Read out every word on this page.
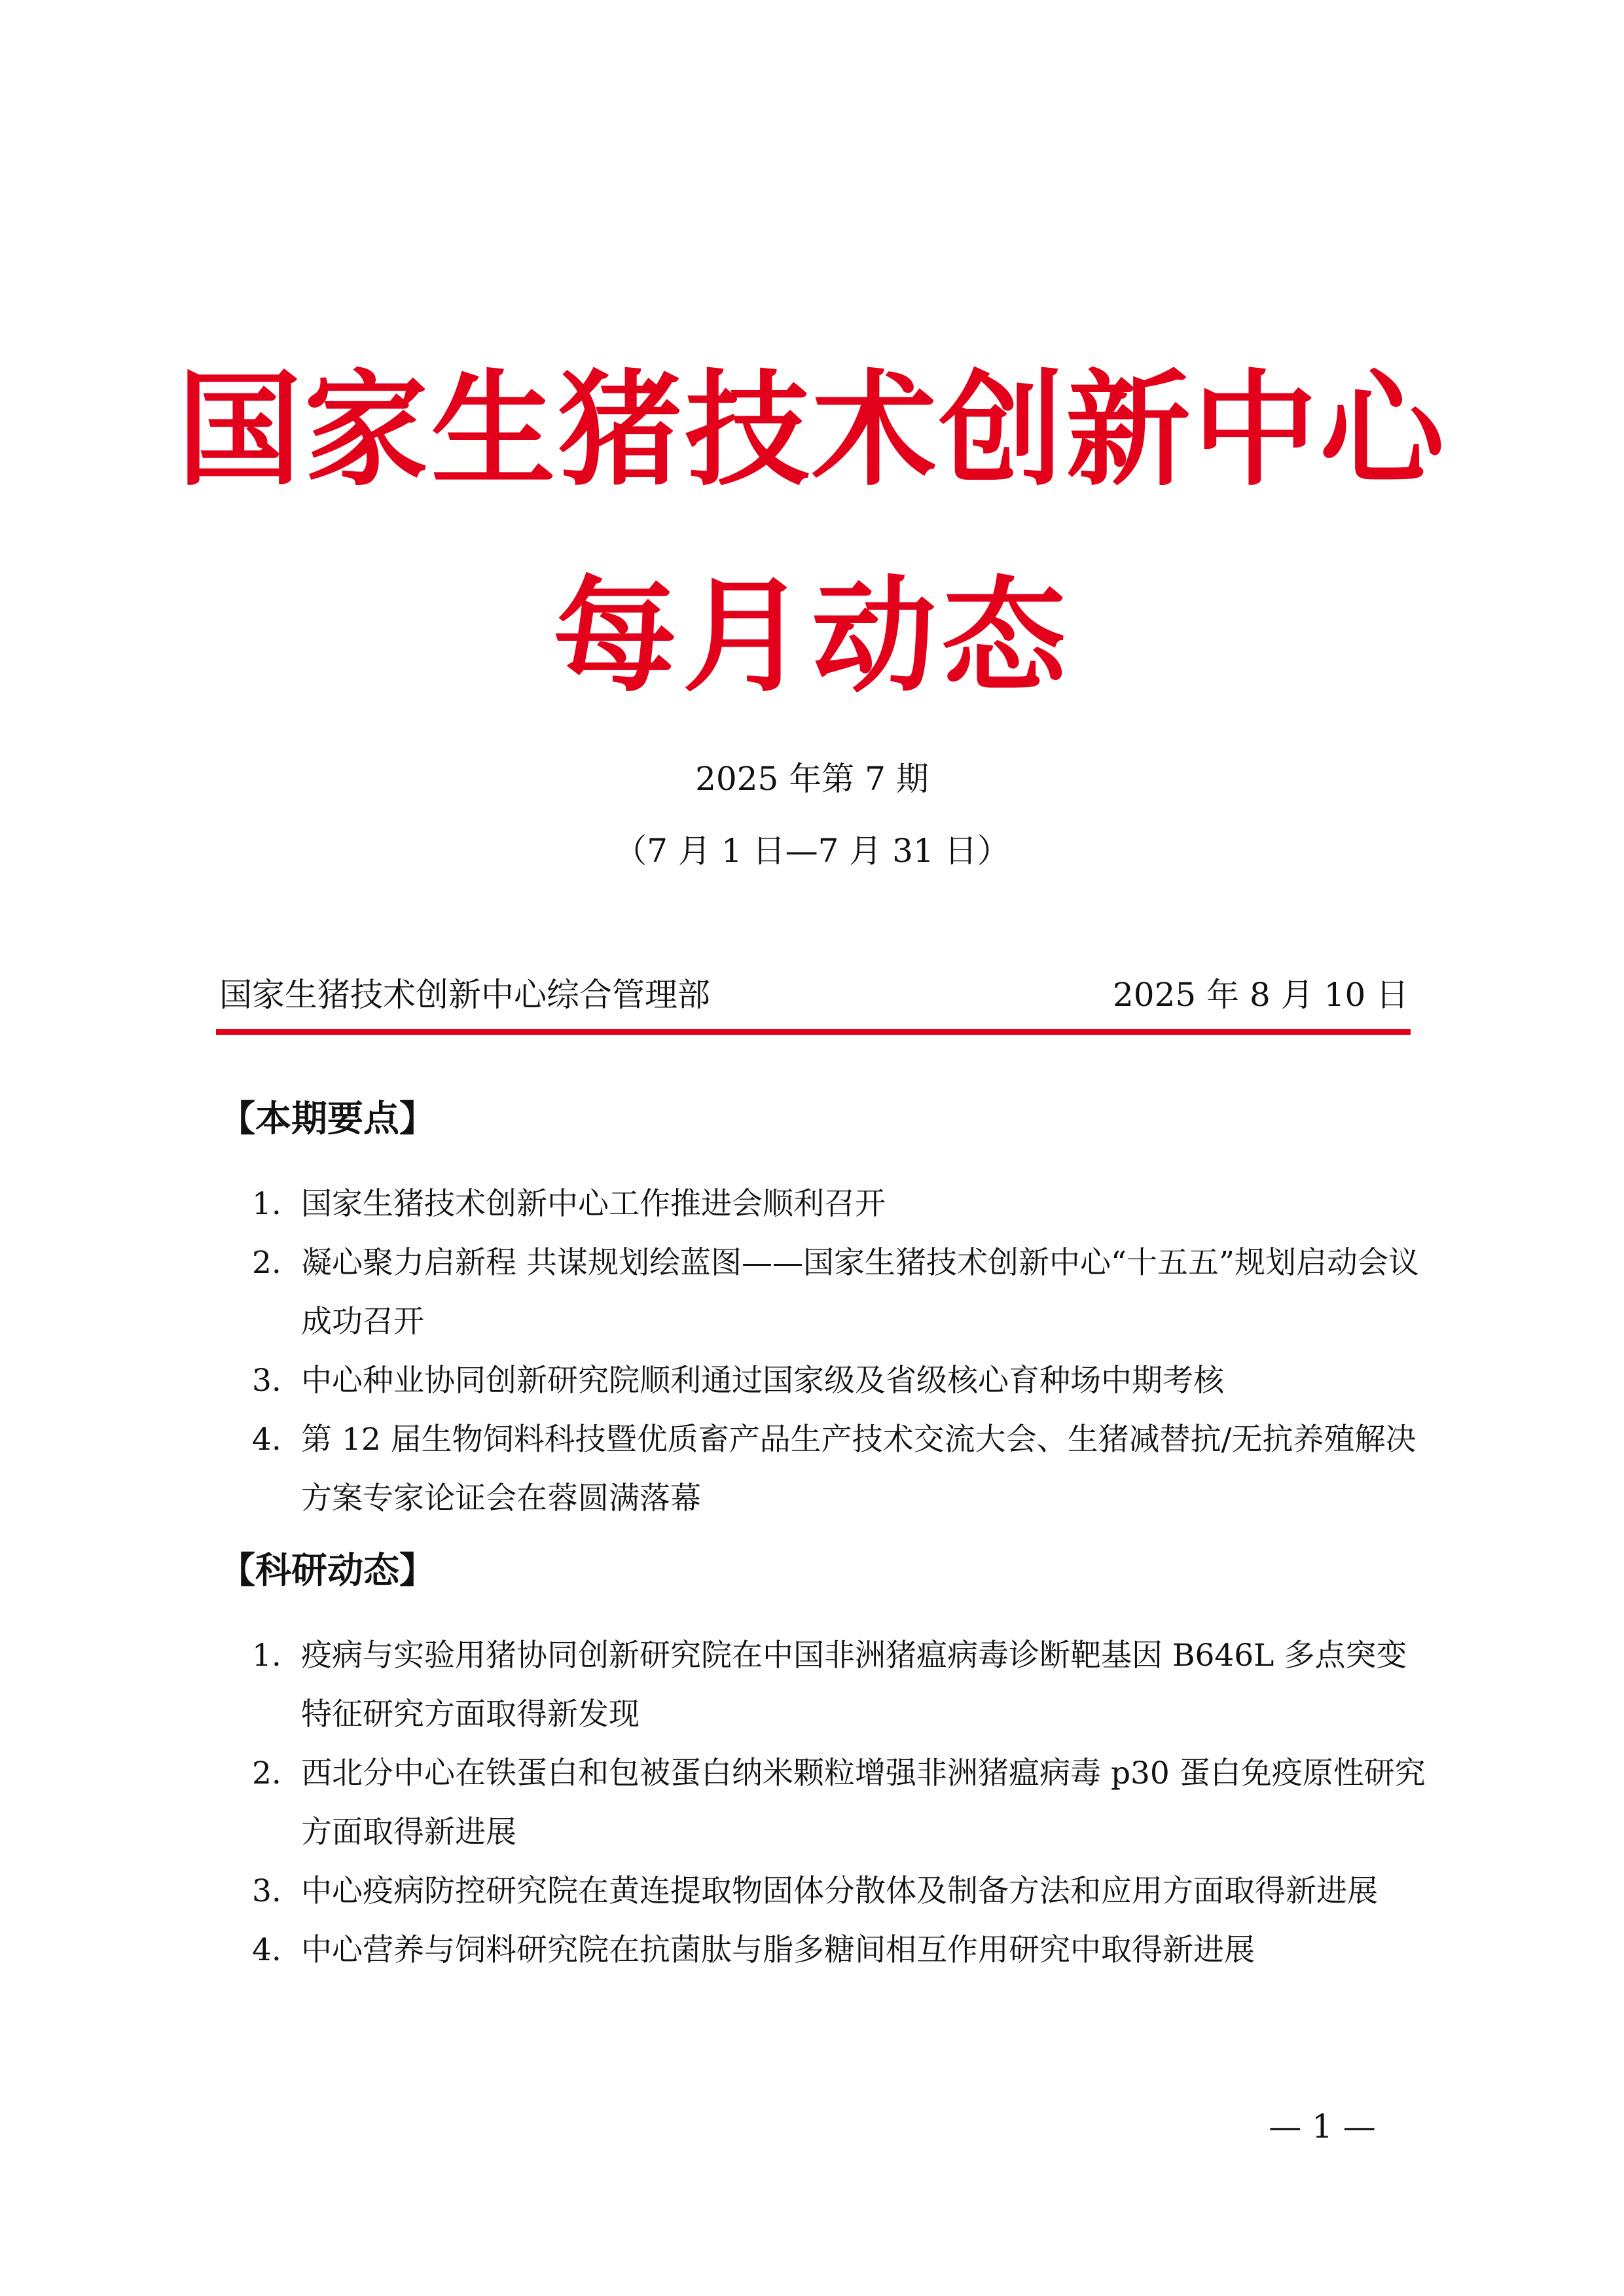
国家生猪技术创新中心
每月动态
2025 年第 7 期
（7 月 1 日—7 月 31 日）
国家生猪技术创新中心综合管理部	2025 年 8 月 10 日
【本期要点】
1. 国家生猪技术创新中心工作推进会顺利召开
2. 凝心聚力启新程 共谋规划绘蓝图——国家生猪技术创新中心“十五五”规划启动会议成功召开
3. 中心种业协同创新研究院顺利通过国家级及省级核心育种场中期考核
4. 第 12 届生物饲料科技暨优质畜产品生产技术交流大会、生猪减替抗/无抗养殖解决方案专家论证会在蓉圆满落幕
【科研动态】
1. 疫病与实验用猪协同创新研究院在中国非洲猪瘟病毒诊断靶基因 B646L 多点突变特征研究方面取得新发现
2. 西北分中心在铁蛋白和包被蛋白纳米颗粒增强非洲猪瘟病毒 p30 蛋白免疫原性研究方面取得新进展
3. 中心疫病防控研究院在黄连提取物固体分散体及制备方法和应用方面取得新进展
4. 中心营养与饲料研究院在抗菌肽与脂多糖间相互作用研究中取得新进展
— 1 —
